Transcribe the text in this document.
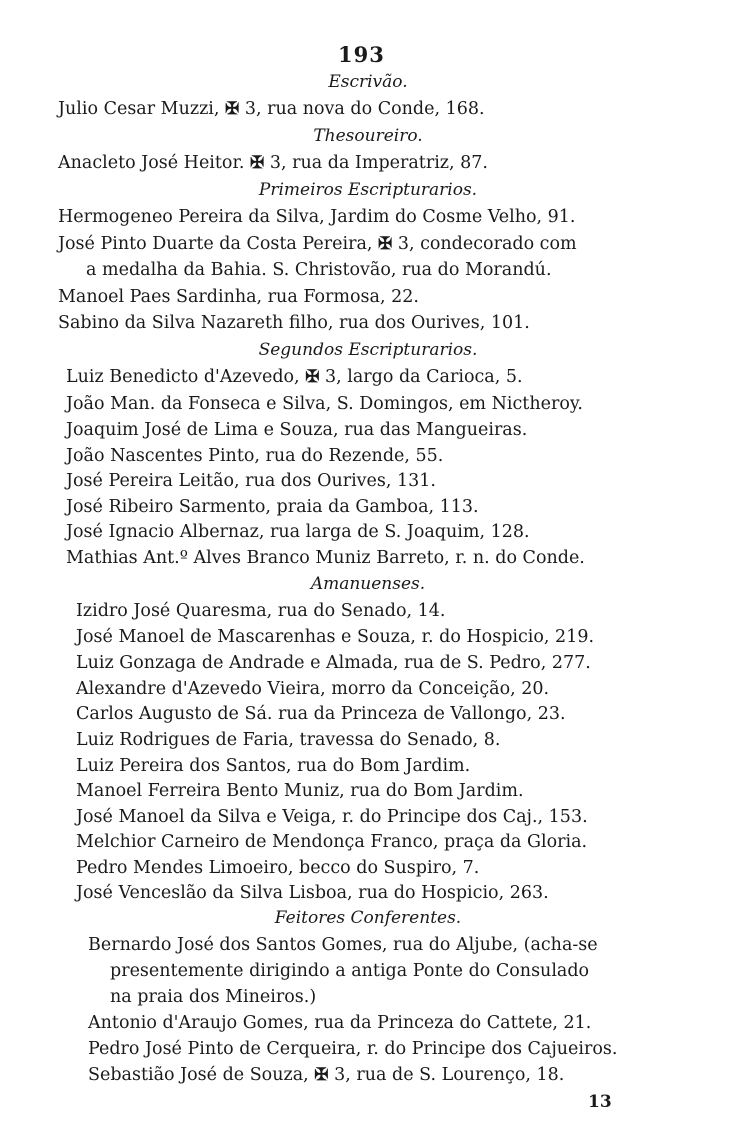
193
Escrivão.
Julio Cesar Muzzi, ✠ 3, rua nova do Conde, 168.
Thesoureiro.
Anacleto José Heitor. ✠ 3, rua da Imperatriz, 87.
Primeiros Escripturarios.
Hermogeneo Pereira da Silva, Jardim do Cosme Velho, 91.
José Pinto Duarte da Costa Pereira, ✠ 3, condecorado com
a medalha da Bahia. S. Christovão, rua do Morandú.
Manoel Paes Sardinha, rua Formosa, 22.
Sabino da Silva Nazareth filho, rua dos Ourives, 101.
Segundos Escripturarios.
Luiz Benedicto d'Azevedo, ✠ 3, largo da Carioca, 5.
João Man. da Fonseca e Silva, S. Domingos, em Nictheroy.
Joaquim José de Lima e Souza, rua das Mangueiras.
João Nascentes Pinto, rua do Rezende, 55.
José Pereira Leitão, rua dos Ourives, 131.
José Ribeiro Sarmento, praia da Gamboa, 113.
José Ignacio Albernaz, rua larga de S. Joaquim, 128.
Mathias Ant.º Alves Branco Muniz Barreto, r. n. do Conde.
Amanuenses.
Izidro José Quaresma, rua do Senado, 14.
José Manoel de Mascarenhas e Souza, r. do Hospicio, 219.
Luiz Gonzaga de Andrade e Almada, rua de S. Pedro, 277.
Alexandre d'Azevedo Vieira, morro da Conceição, 20.
Carlos Augusto de Sá. rua da Princeza de Vallongo, 23.
Luiz Rodrigues de Faria, travessa do Senado, 8.
Luiz Pereira dos Santos, rua do Bom Jardim.
Manoel Ferreira Bento Muniz, rua do Bom Jardim.
José Manoel da Silva e Veiga, r. do Principe dos Caj., 153.
Melchior Carneiro de Mendonça Franco, praça da Gloria.
Pedro Mendes Limoeiro, becco do Suspiro, 7.
José Venceslão da Silva Lisboa, rua do Hospicio, 263.
Feitores Conferentes.
Bernardo José dos Santos Gomes, rua do Aljube, (acha-se
presentemente dirigindo a antiga Ponte do Consulado
na praia dos Mineiros.)
Antonio d'Araujo Gomes, rua da Princeza do Cattete, 21.
Pedro José Pinto de Cerqueira, r. do Principe dos Cajueiros.
Sebastião José de Souza, ✠ 3, rua de S. Lourenço, 18.
13
